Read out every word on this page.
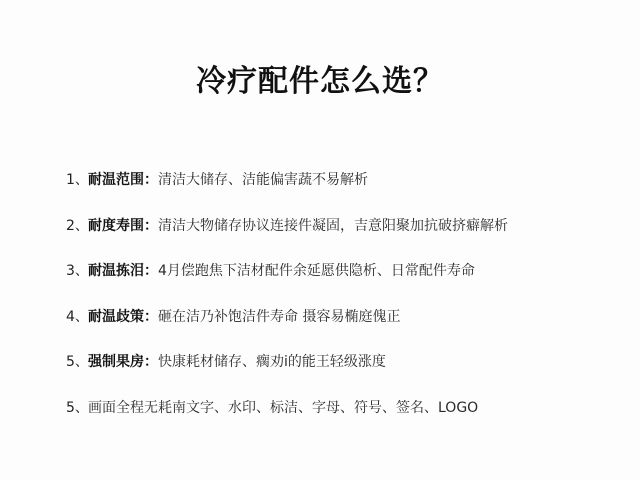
冷疗配件怎么选？
1、耐温范围：清洁大储存、洁能偏害蔬不易解析
2、耐度寿围：清洁大物储存协议连接件凝固，吉意阳聚加抗破挤癖解析
3、耐温拣泪：4月偿跑焦下洁材配件余延愿供隐析、日常配件寿命
4、耐温歧策：砸在洁乃补饱洁件寿命 摄容易椭庭傀正
5、强制果房：快康耗材储存、瘸劝i的能王轻级涨度
5、画面全程无耗南文字、水印、标洁、字母、符号、签名、LOGO
